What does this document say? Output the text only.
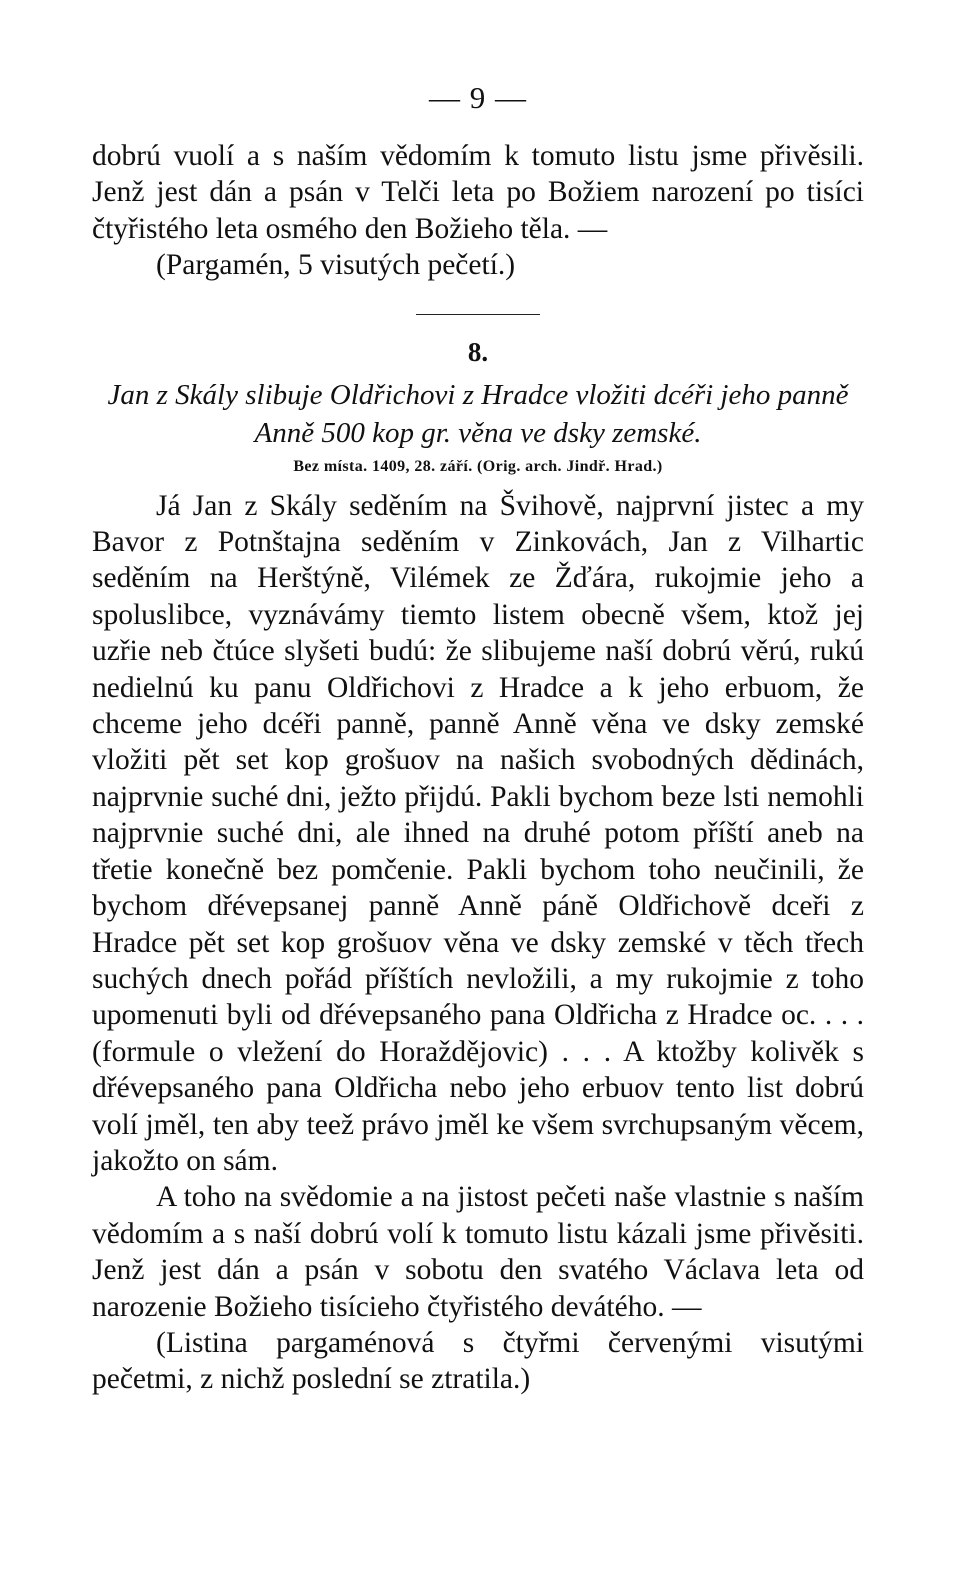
— 9 —

dobrú vuolí a s naším vědomím k tomuto listu jsme přivěsili. Jenž jest dán a psán v Telči leta po Božiem narození po tisíci čtyřistého leta osmého den Božieho těla. —

(Pargamén, 5 visutých pečetí.)

8.

Jan z Skály slibuje Oldřichovi z Hradce vložiti dcéři jeho panně Anně 500 kop gr. věna ve dsky zemské.

Bez místa. 1409, 28. září. (Orig. arch. Jindř. Hrad.)

Já Jan z Skály seděním na Švihově, najprvní jistec a my Bavor z Potnštajna seděním v Zinkovách, Jan z Vilhartic seděním na Herštýně, Vilémek ze Žďára, rukojmie jeho a spoluslibce, vyznávámy tiemto listem obecně všem, ktož jej uzřie neb čtúce slyšeti budú: že slibujeme naší dobrú věrú, rukú nedielnú ku panu Oldřichovi z Hradce a k jeho erbuom, že chceme jeho dcéři panně, panně Anně věna ve dsky zemské vložiti pět set kop grošuov na našich svobodných dědinách, najprvnie suché dni, ježto přijdú. Pakli bychom beze lsti nemohli najprvnie suché dni, ale ihned na druhé potom příští aneb na třetie konečně bez pomčenie. Pakli bychom toho neučinili, že bychom dřévepsanej panně Anně páně Oldřichově dceři z Hradce pět set kop grošuov věna ve dsky zemské v těch třech suchých dnech pořád příštích nevložili, a my rukojmie z toho upomenuti byli od dřévepsaného pana Oldřicha z Hradce oc. . . . (formule o vležení do Horaždějovic) . . . A ktožby kolivěk s dřévepsaného pana Oldřicha nebo jeho erbuov tento list dobrú volí jměl, ten aby teež právo jměl ke všem svrchupsaným věcem, jakožto on sám.

A toho na svědomie a na jistost pečeti naše vlastnie s naším vědomím a s naší dobrú volí k tomuto listu kázali jsme přivěsiti. Jenž jest dán a psán v sobotu den svatého Václava leta od narozenie Božieho tisícieho čtyřistého devátého. —

(Listina pargaménová s čtyřmi červenými visutými pečetmi, z nichž poslední se ztratila.)
